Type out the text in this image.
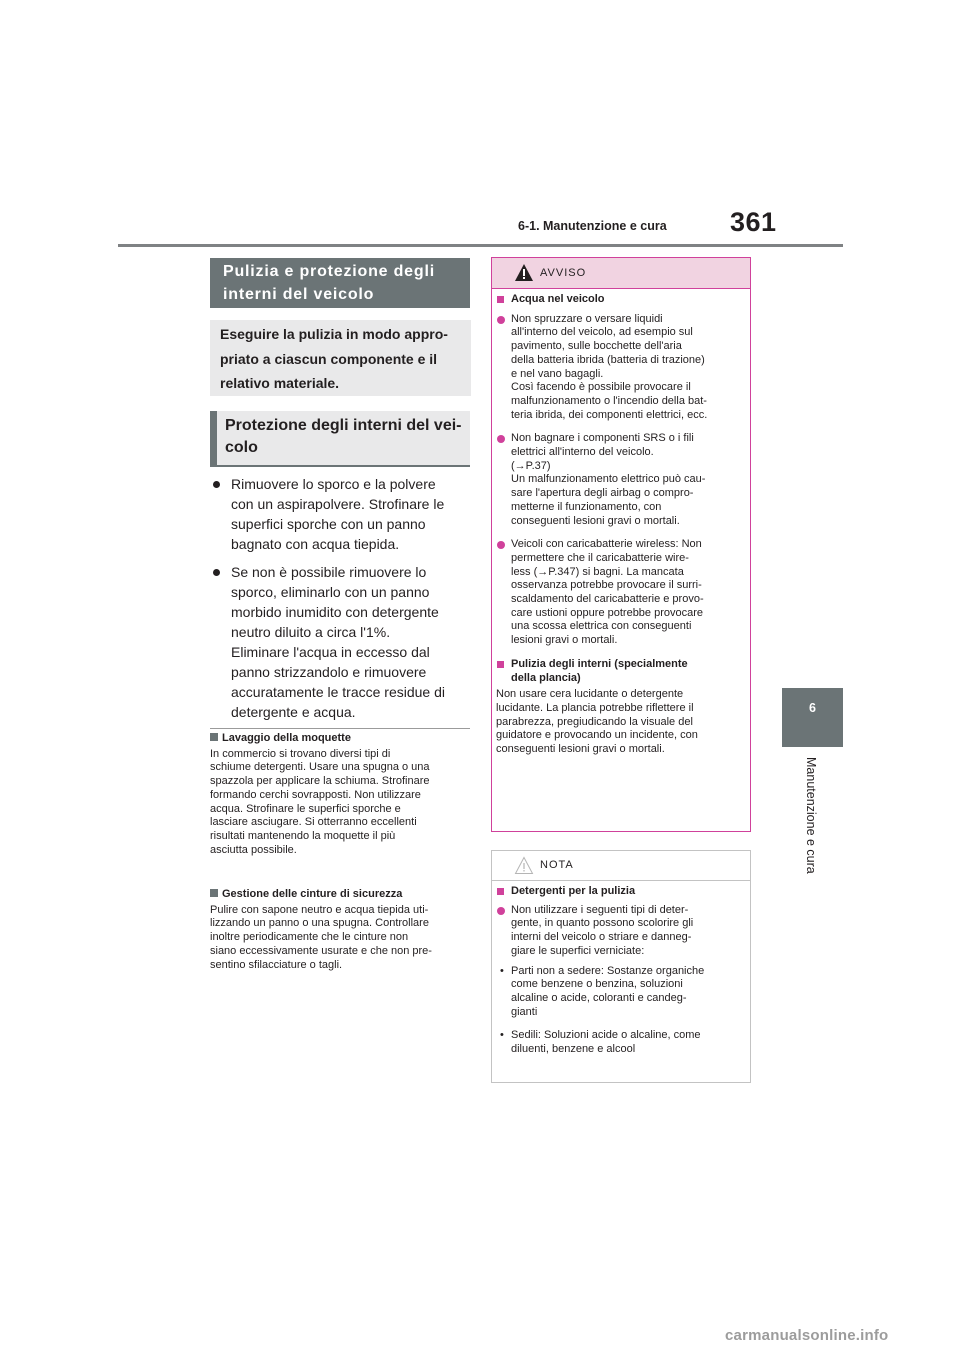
6-1. Manutenzione e cura 361
6
Manutenzione e cura
Pulizia e protezione degli
interni del veicolo
Eseguire la pulizia in modo appro-
priato a ciascun componente e il
relativo materiale.
Protezione degli interni del vei-
colo

Rimuovere lo sporco e la polvere

con un aspirapolvere. Strofinare le

superfici sporche con un panno

bagnato con acqua tiepida.

Se non è possibile rimuovere lo

sporco, eliminarlo con un panno

morbido inumidito con detergente

neutro diluito a circa l'1%.

Eliminare l'acqua in eccesso dal

panno strizzandolo e rimuovere

accuratamente le tracce residue di

detergente e acqua.

Lavaggio della moquette

In commercio si trovano diversi tipi di

schiume detergenti. Usare una spugna o una

spazzola per applicare la schiuma. Strofinare

formando cerchi sovrapposti. Non utilizzare

acqua. Strofinare le superfici sporche e

lasciare asciugare. Si otterranno eccellenti

risultati mantenendo la moquette il più

asciutta possibile.

Gestione delle cinture di sicurezza

Pulire con sapone neutro e acqua tiepida uti-

lizzando un panno o una spugna. Controllare

inoltre periodicamente che le cinture non

siano eccessivamente usurate e che non pre-

sentino sfilacciature o tagli.

AVVISO
Acqua nel veicolo

Non spruzzare o versare liquidi

all'interno del veicolo, ad esempio sul

pavimento, sulle bocchette dell'aria

della batteria ibrida (batteria di trazione)

e nel vano bagagli.

Così facendo è possibile provocare il

malfunzionamento o l'incendio della bat-

teria ibrida, dei componenti elettrici, ecc.

Non bagnare i componenti SRS o i fili

elettrici all'interno del veicolo.

(→P.37)

Un malfunzionamento elettrico può cau-

sare l'apertura degli airbag o compro-

metterne il funzionamento, con

conseguenti lesioni gravi o mortali.

Veicoli con caricabatterie wireless: Non

permettere che il caricabatterie wire-

less (→P.347) si bagni. La mancata

osservanza potrebbe provocare il surri-

scaldamento del caricabatterie e provo-

care ustioni oppure potrebbe provocare

una scossa elettrica con conseguenti

lesioni gravi o mortali.

Pulizia degli interni (specialmente

della plancia)

Non usare cera lucidante o detergente

lucidante. La plancia potrebbe riflettere il

parabrezza, pregiudicando la visuale del

guidatore e provocando un incidente, con

conseguenti lesioni gravi o mortali.

NOTA
Detergenti per la pulizia

Non utilizzare i seguenti tipi di deter-

gente, in quanto possono scolorire gli

interni del veicolo o striare e danneg-

giare le superfici verniciate:

• Parti non a sedere: Sostanze organiche

come benzene o benzina, soluzioni

alcaline o acide, coloranti e candeg-

gianti

• Sedili: Soluzioni acide o alcaline, come

diluenti, benzene e alcool

carmanualsonline.info
